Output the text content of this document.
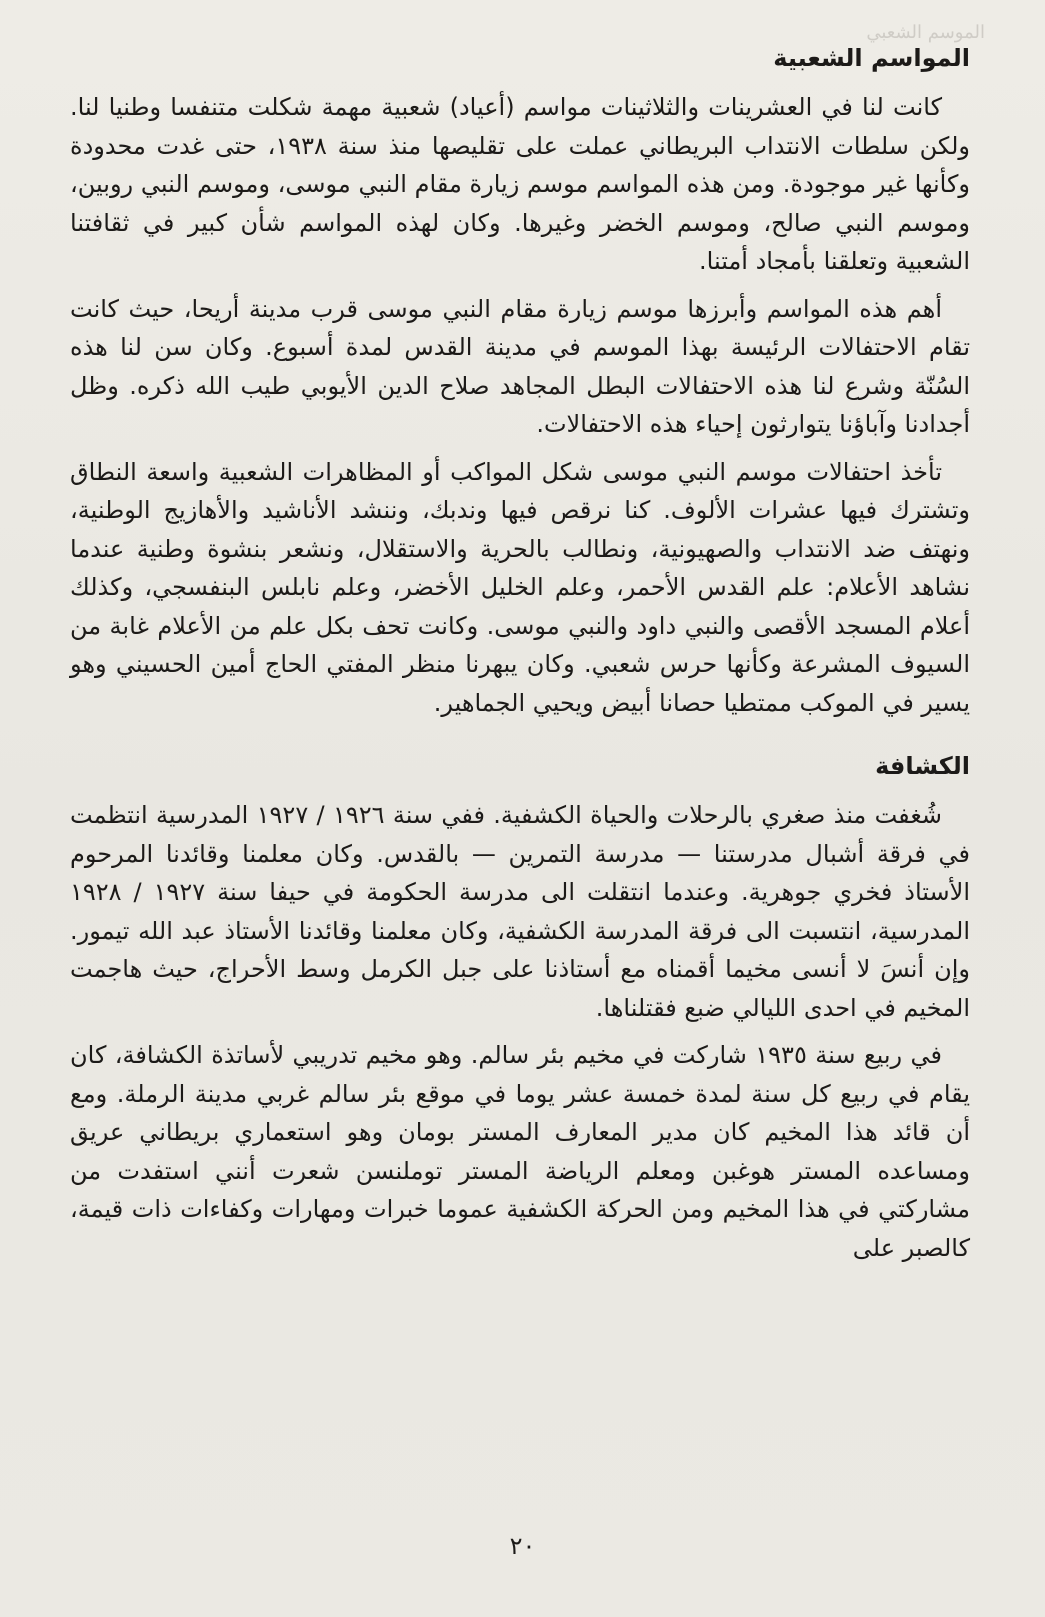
الموسم الشعبي
المواسم الشعبية

كانت لنا في العشرينات والثلاثينات مواسم (أعياد) شعبية مهمة شكلت متنفسا وطنيا لنا. ولكن سلطات الانتداب البريطاني عملت على تقليصها منذ سنة ١٩٣٨، حتى غدت محدودة وكأنها غير موجودة. ومن هذه المواسم موسم زيارة مقام النبي موسى، وموسم النبي روبين، وموسم النبي صالح، وموسم الخضر وغيرها. وكان لهذه المواسم شأن كبير في ثقافتنا الشعبية وتعلقنا بأمجاد أمتنا.

أهم هذه المواسم وأبرزها موسم زيارة مقام النبي موسى قرب مدينة أريحا، حيث كانت تقام الاحتفالات الرئيسة بهذا الموسم في مدينة القدس لمدة أسبوع. وكان سن لنا هذه السُنّة وشرع لنا هذه الاحتفالات البطل المجاهد صلاح الدين الأيوبي طيب الله ذكره. وظل أجدادنا وآباؤنا يتوارثون إحياء هذه الاحتفالات.

تأخذ احتفالات موسم النبي موسى شكل المواكب أو المظاهرات الشعبية واسعة النطاق وتشترك فيها عشرات الألوف. كنا نرقص فيها وندبك، وننشد الأناشيد والأهازيج الوطنية، ونهتف ضد الانتداب والصهيونية، ونطالب بالحرية والاستقلال، ونشعر بنشوة وطنية عندما نشاهد الأعلام: علم القدس الأحمر، وعلم الخليل الأخضر، وعلم نابلس البنفسجي، وكذلك أعلام المسجد الأقصى والنبي داود والنبي موسى. وكانت تحف بكل علم من الأعلام غابة من السيوف المشرعة وكأنها حرس شعبي. وكان يبهرنا منظر المفتي الحاج أمين الحسيني وهو يسير في الموكب ممتطيا حصانا أبيض ويحيي الجماهير.

الكشافة

شُغفت منذ صغري بالرحلات والحياة الكشفية. ففي سنة ١٩٢٦ / ١٩٢٧ المدرسية انتظمت في فرقة أشبال مدرستنا — مدرسة التمرين — بالقدس. وكان معلمنا وقائدنا المرحوم الأستاذ فخري جوهرية. وعندما انتقلت الى مدرسة الحكومة في حيفا سنة ١٩٢٧ / ١٩٢٨ المدرسية، انتسبت الى فرقة المدرسة الكشفية، وكان معلمنا وقائدنا الأستاذ عبد الله تيمور. وإن أنسَ لا أنسى مخيما أقمناه مع أستاذنا على جبل الكرمل وسط الأحراج، حيث هاجمت المخيم في احدى الليالي ضبع فقتلناها.

في ربيع سنة ١٩٣٥ شاركت في مخيم بئر سالم. وهو مخيم تدريبي لأساتذة الكشافة، كان يقام في ربيع كل سنة لمدة خمسة عشر يوما في موقع بئر سالم غربي مدينة الرملة. ومع أن قائد هذا المخيم كان مدير المعارف المستر بومان وهو استعماري بريطاني عريق ومساعده المستر هوغبن ومعلم الرياضة المستر توملنسن شعرت أنني استفدت من مشاركتي في هذا المخيم ومن الحركة الكشفية عموما خبرات ومهارات وكفاءات ذات قيمة، كالصبر على

٢٠
